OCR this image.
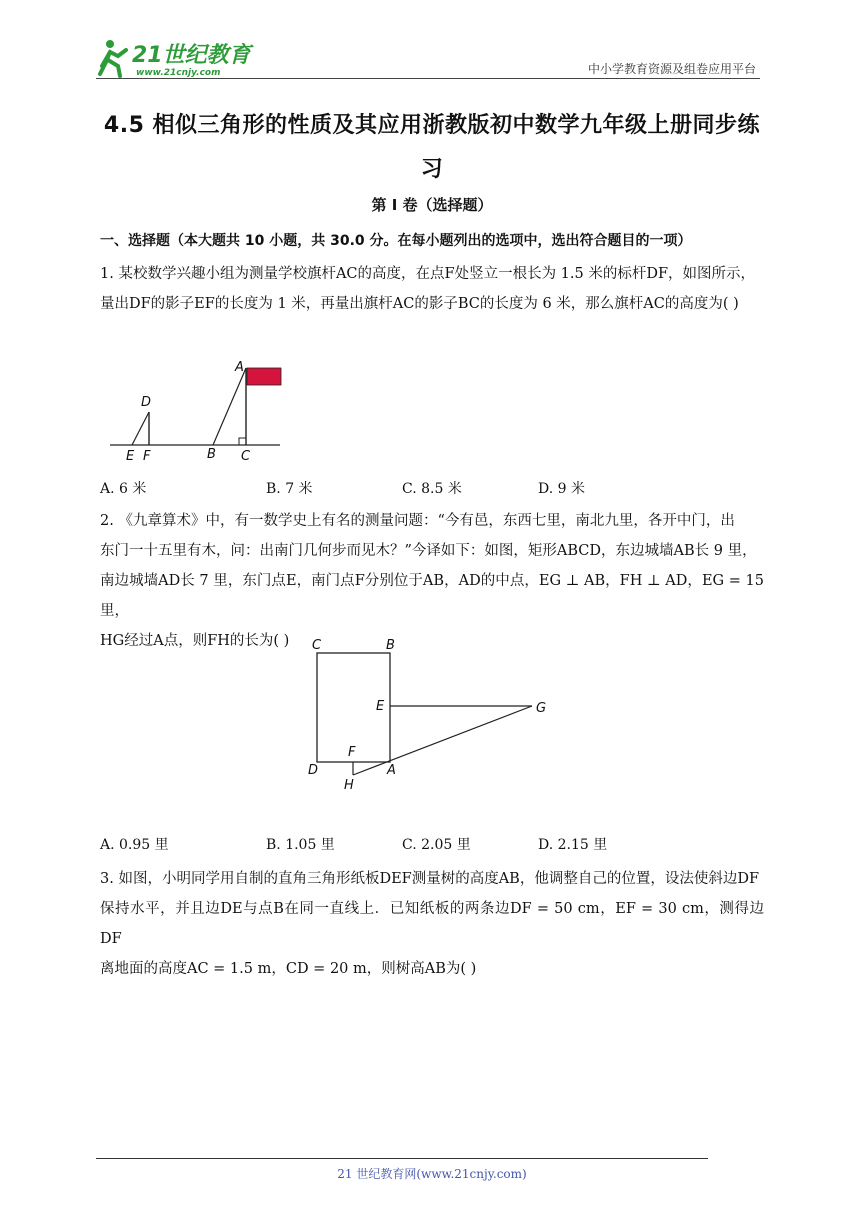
21世纪教育
www.21cnjy.com	中小学教育资源及组卷应用平台
4.5 相似三角形的性质及其应用浙教版初中数学九年级上册同步练
习
第 I 卷（选择题）
一、选择题（本大题共 10 小题，共 30.0 分。在每小题列出的选项中，选出符合题目的一项）
1. 某校数学兴趣小组为测量学校旗杆AC的高度，在点F处竖立一根长为 1.5 米的标杆DF，如图所示，
量出DF的影子EF的长度为 1 米，再量出旗杆AC的影子BC的长度为 6 米，那么旗杆AC的高度为( )
A
D
E F	B C
A. 6 米	B. 7 米	C. 8.5 米	D. 9 米
2. 《九章算术》中，有一数学史上有名的测量问题：“今有邑，东西七里，南北九里，各开中门，出
东门一十五里有木，问：出南门几何步而见木？”今译如下：如图，矩形ABCD，东边城墙AB长 9 里，
南边城墙AD长 7 里，东门点E，南门点F分别位于AB，AD的中点，EG ⊥ AB，FH ⊥ AD，EG = 15 里，
HG经过A点，则FH的长为( )	C	B
E	G
F
D	A
H
A. 0.95 里	B. 1.05 里	C. 2.05 里	D. 2.15 里
3. 如图，小明同学用自制的直角三角形纸板DEF测量树的高度AB，他调整自己的位置，设法使斜边DF
保持水平，并且边DE与点B在同一直线上．已知纸板的两条边DF = 50 cm，EF = 30 cm，测得边DF
离地面的高度AC = 1.5 m，CD = 20 m，则树高AB为( )
21 世纪教育网(www.21cnjy.com)
